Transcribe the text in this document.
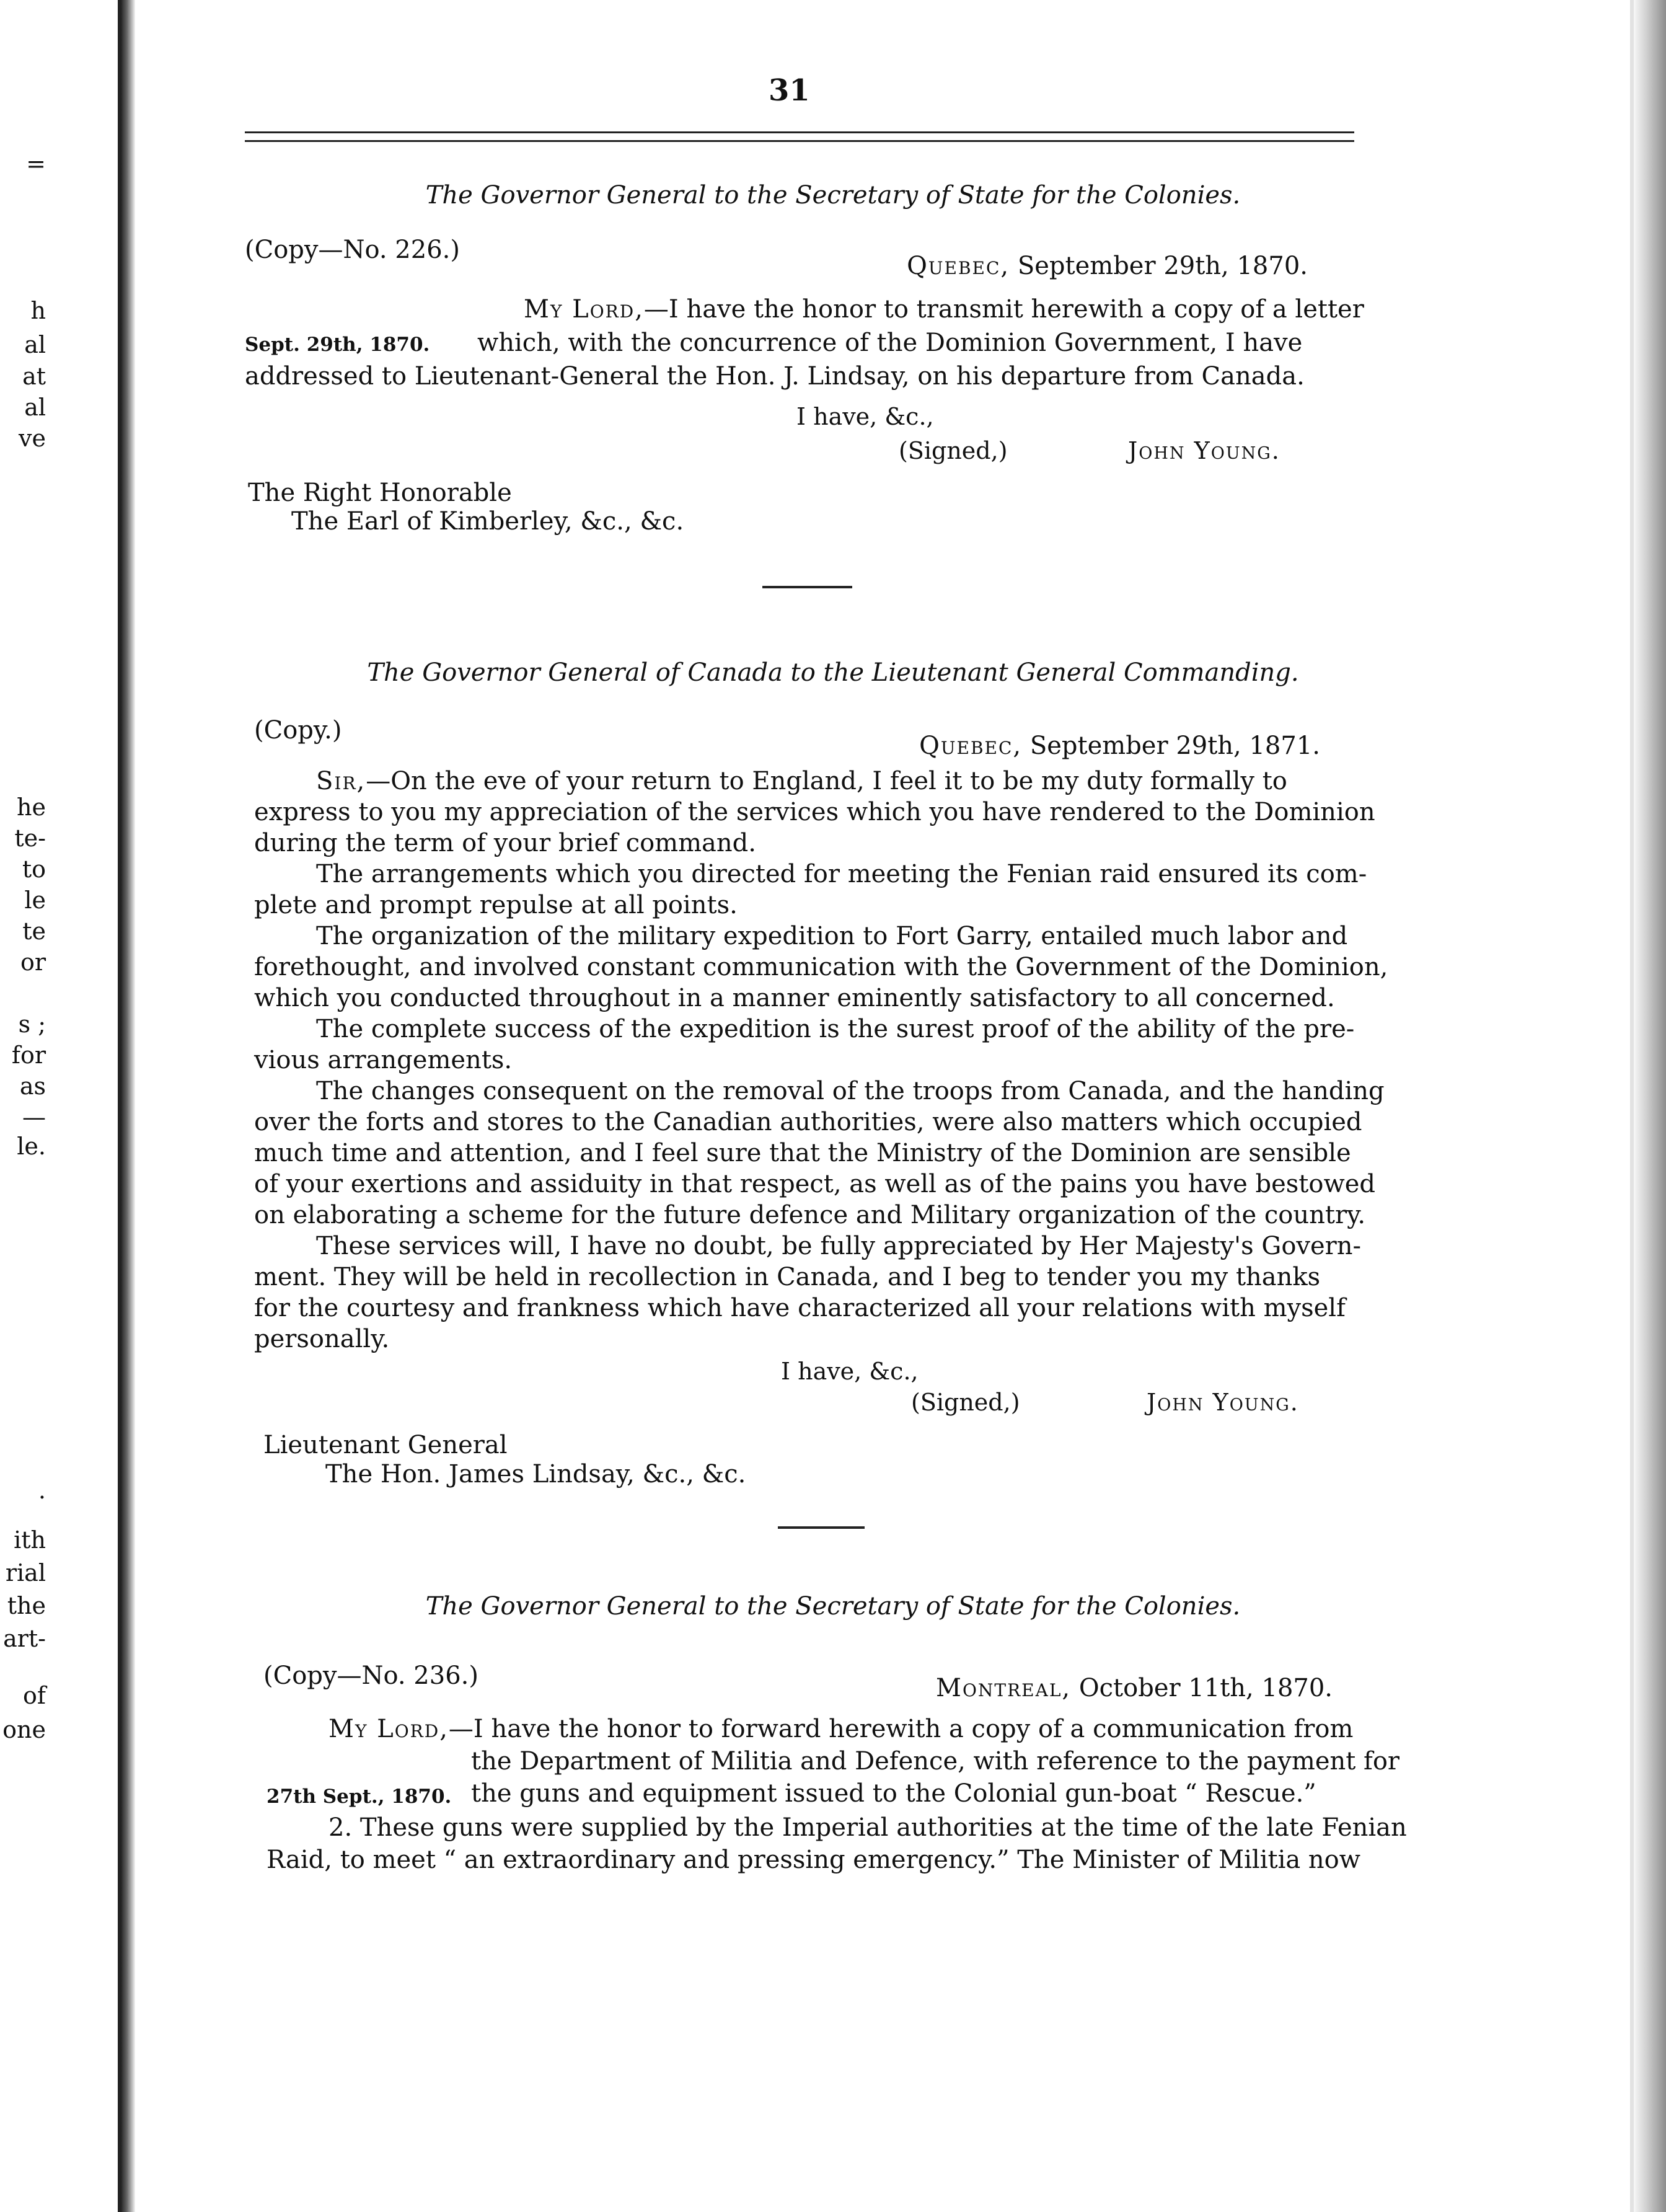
=
h
al
at
al
ve
he
te-
to
le
te
or
s ;
for
as
—
le.
.
ith
rial
the
art-
of
one
31
The Governor General to the Secretary of State for the Colonies.
(Copy—No. 226.)
Quebec, September 29th, 1870.
My Lord,—I have the honor to transmit herewith a copy of a letter
Sept. 29th, 1870. which, with the concurrence of the Dominion Government, I have
addressed to Lieutenant-General the Hon. J. Lindsay, on his departure from Canada.
I have, &c.,
(Signed,)	John Young.
The Right Honorable
The Earl of Kimberley, &c., &c.
The Governor General of Canada to the Lieutenant General Commanding.
(Copy.)
Quebec, September 29th, 1871.
Sir,—On the eve of your return to England, I feel it to be my duty formally to
express to you my appreciation of the services which you have rendered to the Dominion
during the term of your brief command.
The arrangements which you directed for meeting the Fenian raid ensured its com-
plete and prompt repulse at all points.
The organization of the military expedition to Fort Garry, entailed much labor and
forethought, and involved constant communication with the Government of the Dominion,
which you conducted throughout in a manner eminently satisfactory to all concerned.
The complete success of the expedition is the surest proof of the ability of the pre-
vious arrangements.
The changes consequent on the removal of the troops from Canada, and the handing
over the forts and stores to the Canadian authorities, were also matters which occupied
much time and attention, and I feel sure that the Ministry of the Dominion are sensible
of your exertions and assiduity in that respect, as well as of the pains you have bestowed
on elaborating a scheme for the future defence and Military organization of the country.
These services will, I have no doubt, be fully appreciated by Her Majesty's Govern-
ment. They will be held in recollection in Canada, and I beg to tender you my thanks
for the courtesy and frankness which have characterized all your relations with myself
personally.
I have, &c.,
(Signed,)	John Young.
Lieutenant General
The Hon. James Lindsay, &c., &c.
The Governor General to the Secretary of State for the Colonies.
(Copy—No. 236.)	Montreal, October 11th, 1870.
My Lord,—I have the honor to forward herewith a copy of a communication from
the Department of Militia and Defence, with reference to the payment for
27th Sept., 1870. the guns and equipment issued to the Colonial gun-boat “ Rescue.”
2. These guns were supplied by the Imperial authorities at the time of the late Fenian
Raid, to meet “ an extraordinary and pressing emergency.” The Minister of Militia now
